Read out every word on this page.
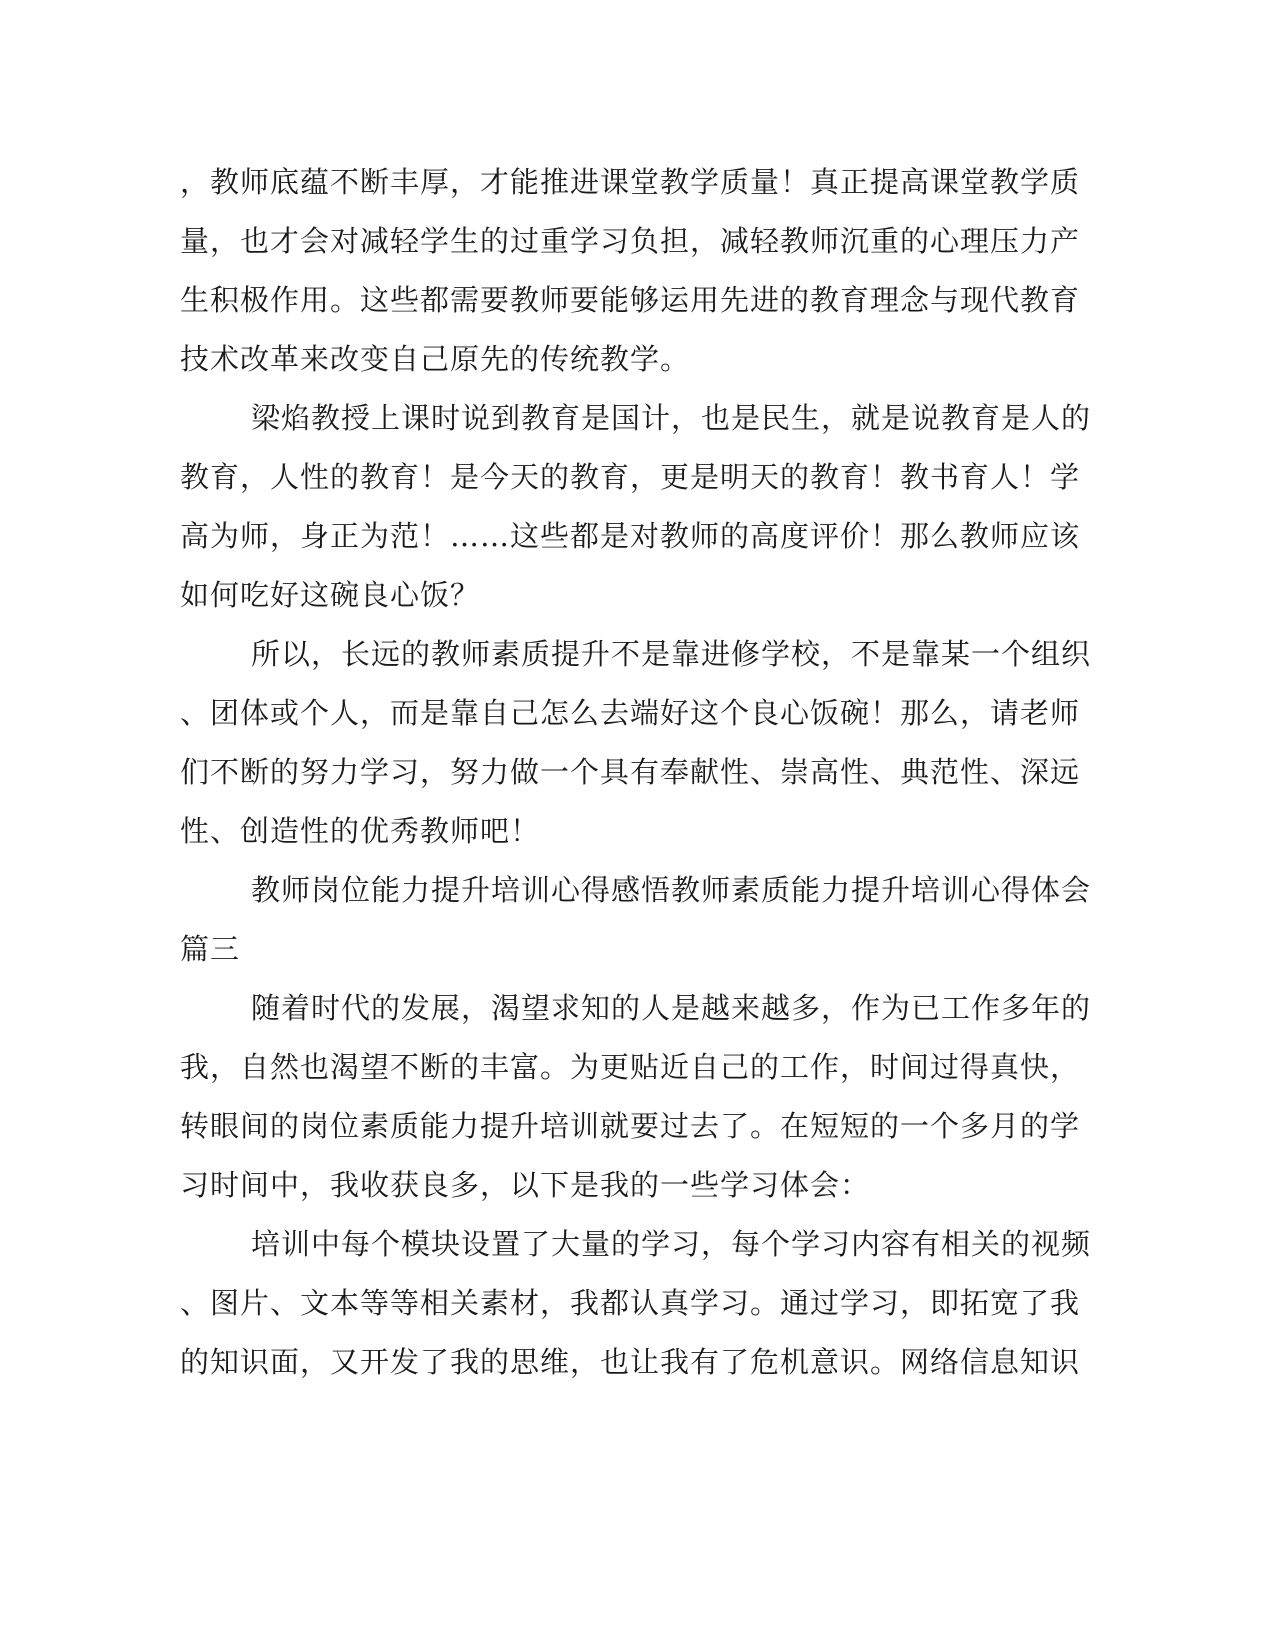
，教师底蕴不断丰厚，才能推进课堂教学质量！真正提高课堂教学质
量，也才会对减轻学生的过重学习负担，减轻教师沉重的心理压力产
生积极作用。这些都需要教师要能够运用先进的教育理念与现代教育
技术改革来改变自己原先的传统教学。
梁焰教授上课时说到教育是国计，也是民生，就是说教育是人的
教育，人性的教育！是今天的教育，更是明天的教育！教书育人！学
高为师，身正为范！……这些都是对教师的高度评价！那么教师应该
如何吃好这碗良心饭？
所以，长远的教师素质提升不是靠进修学校，不是靠某一个组织
、团体或个人，而是靠自己怎么去端好这个良心饭碗！那么，请老师
们不断的努力学习，努力做一个具有奉献性、崇高性、典范性、深远
性、创造性的优秀教师吧！
教师岗位能力提升培训心得感悟教师素质能力提升培训心得体会
篇三
随着时代的发展，渴望求知的人是越来越多，作为已工作多年的
我，自然也渴望不断的丰富。为更贴近自己的工作，时间过得真快，
转眼间的岗位素质能力提升培训就要过去了。在短短的一个多月的学
习时间中，我收获良多，以下是我的一些学习体会：
培训中每个模块设置了大量的学习，每个学习内容有相关的视频
、图片、文本等等相关素材，我都认真学习。通过学习，即拓宽了我
的知识面，又开发了我的思维，也让我有了危机意识。网络信息知识
